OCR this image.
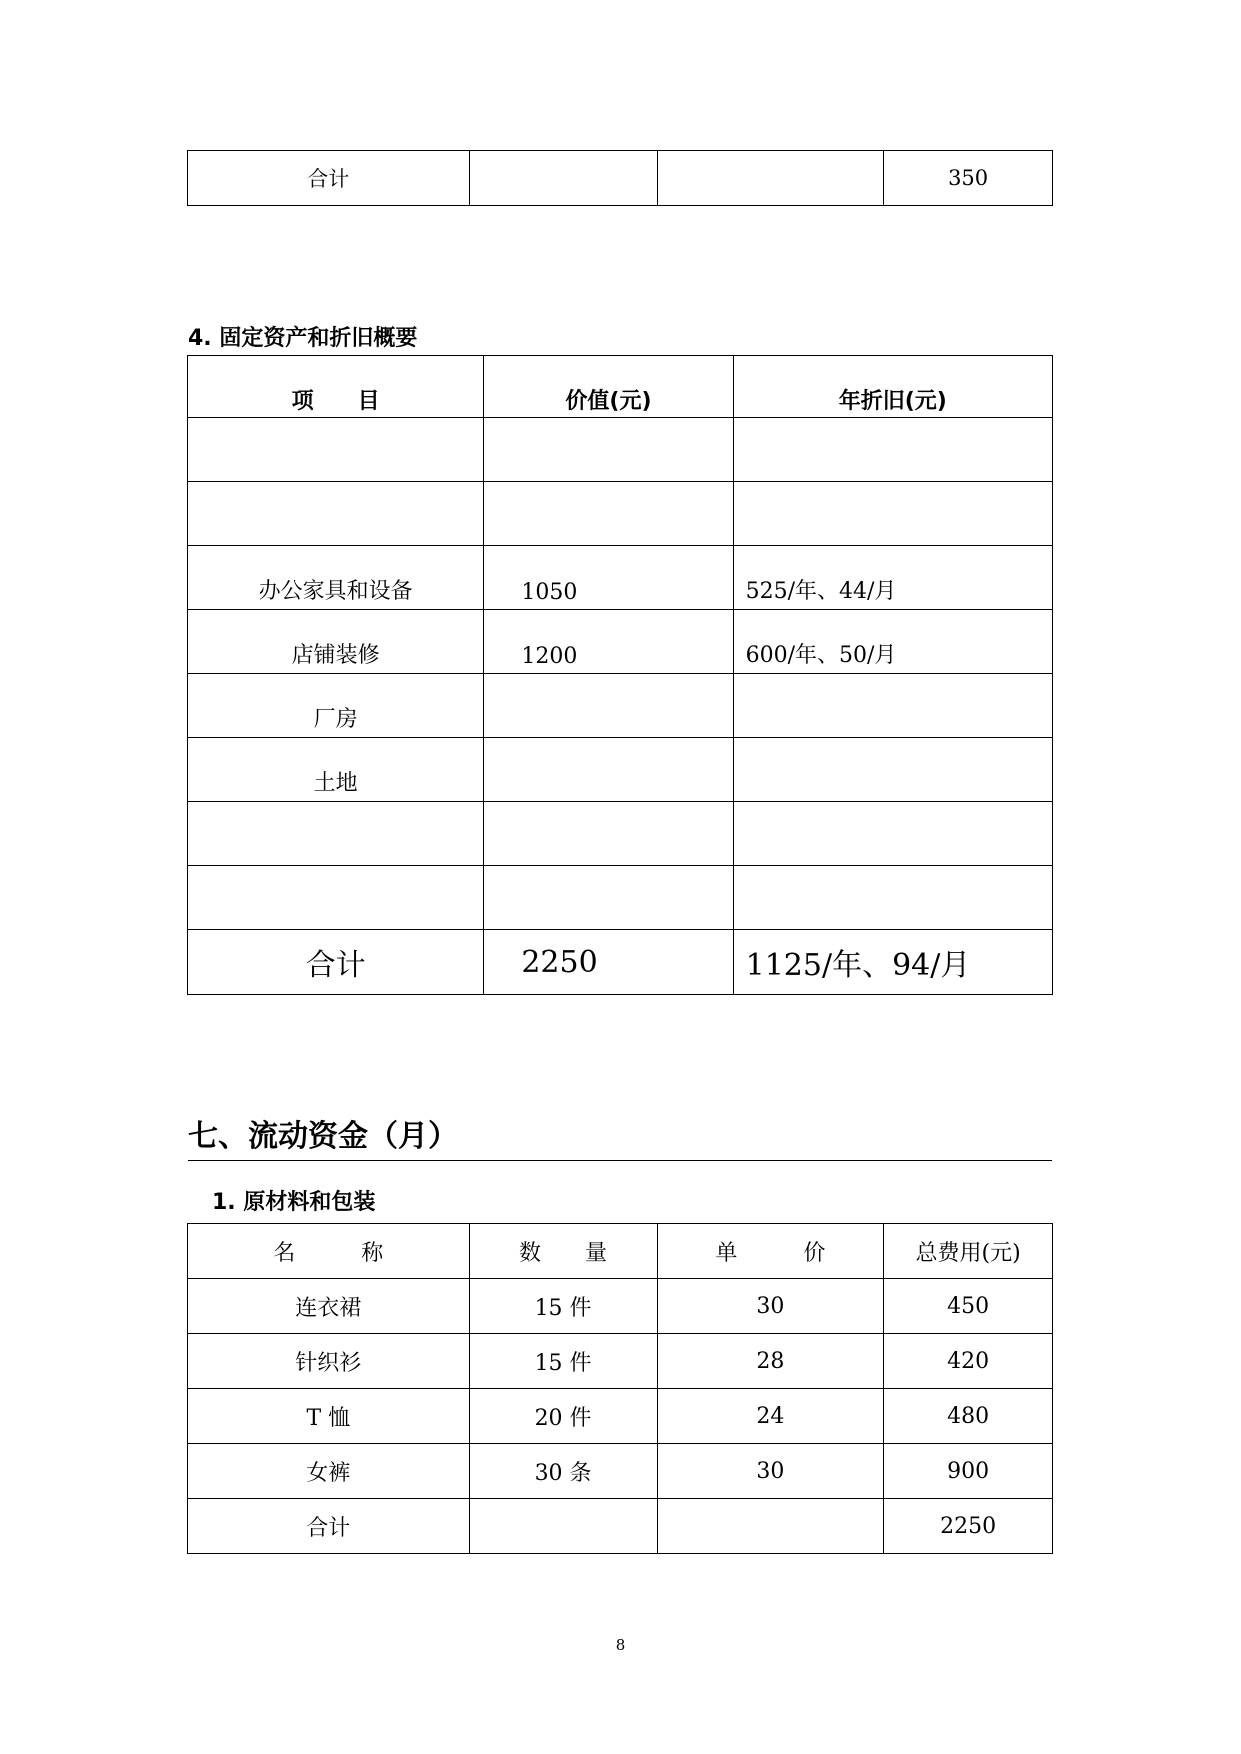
合计			350
4. 固定资产和折旧概要
项　　目	价值(元)	年折旧(元)

办公家具和设备	1050	525/年、44/月
店铺装修	1200	600/年、50/月
厂房		
土地		

合计	2250	1125/年、94/月
七、流动资金（月）
1. 原材料和包装
名　　　称	数　　量	单　　　价	总费用(元)
连衣裙	15 件	30	450
针织衫	15 件	28	420
T 恤	20 件	24	480
女裤	30 条	30	900
合计			2250
8
